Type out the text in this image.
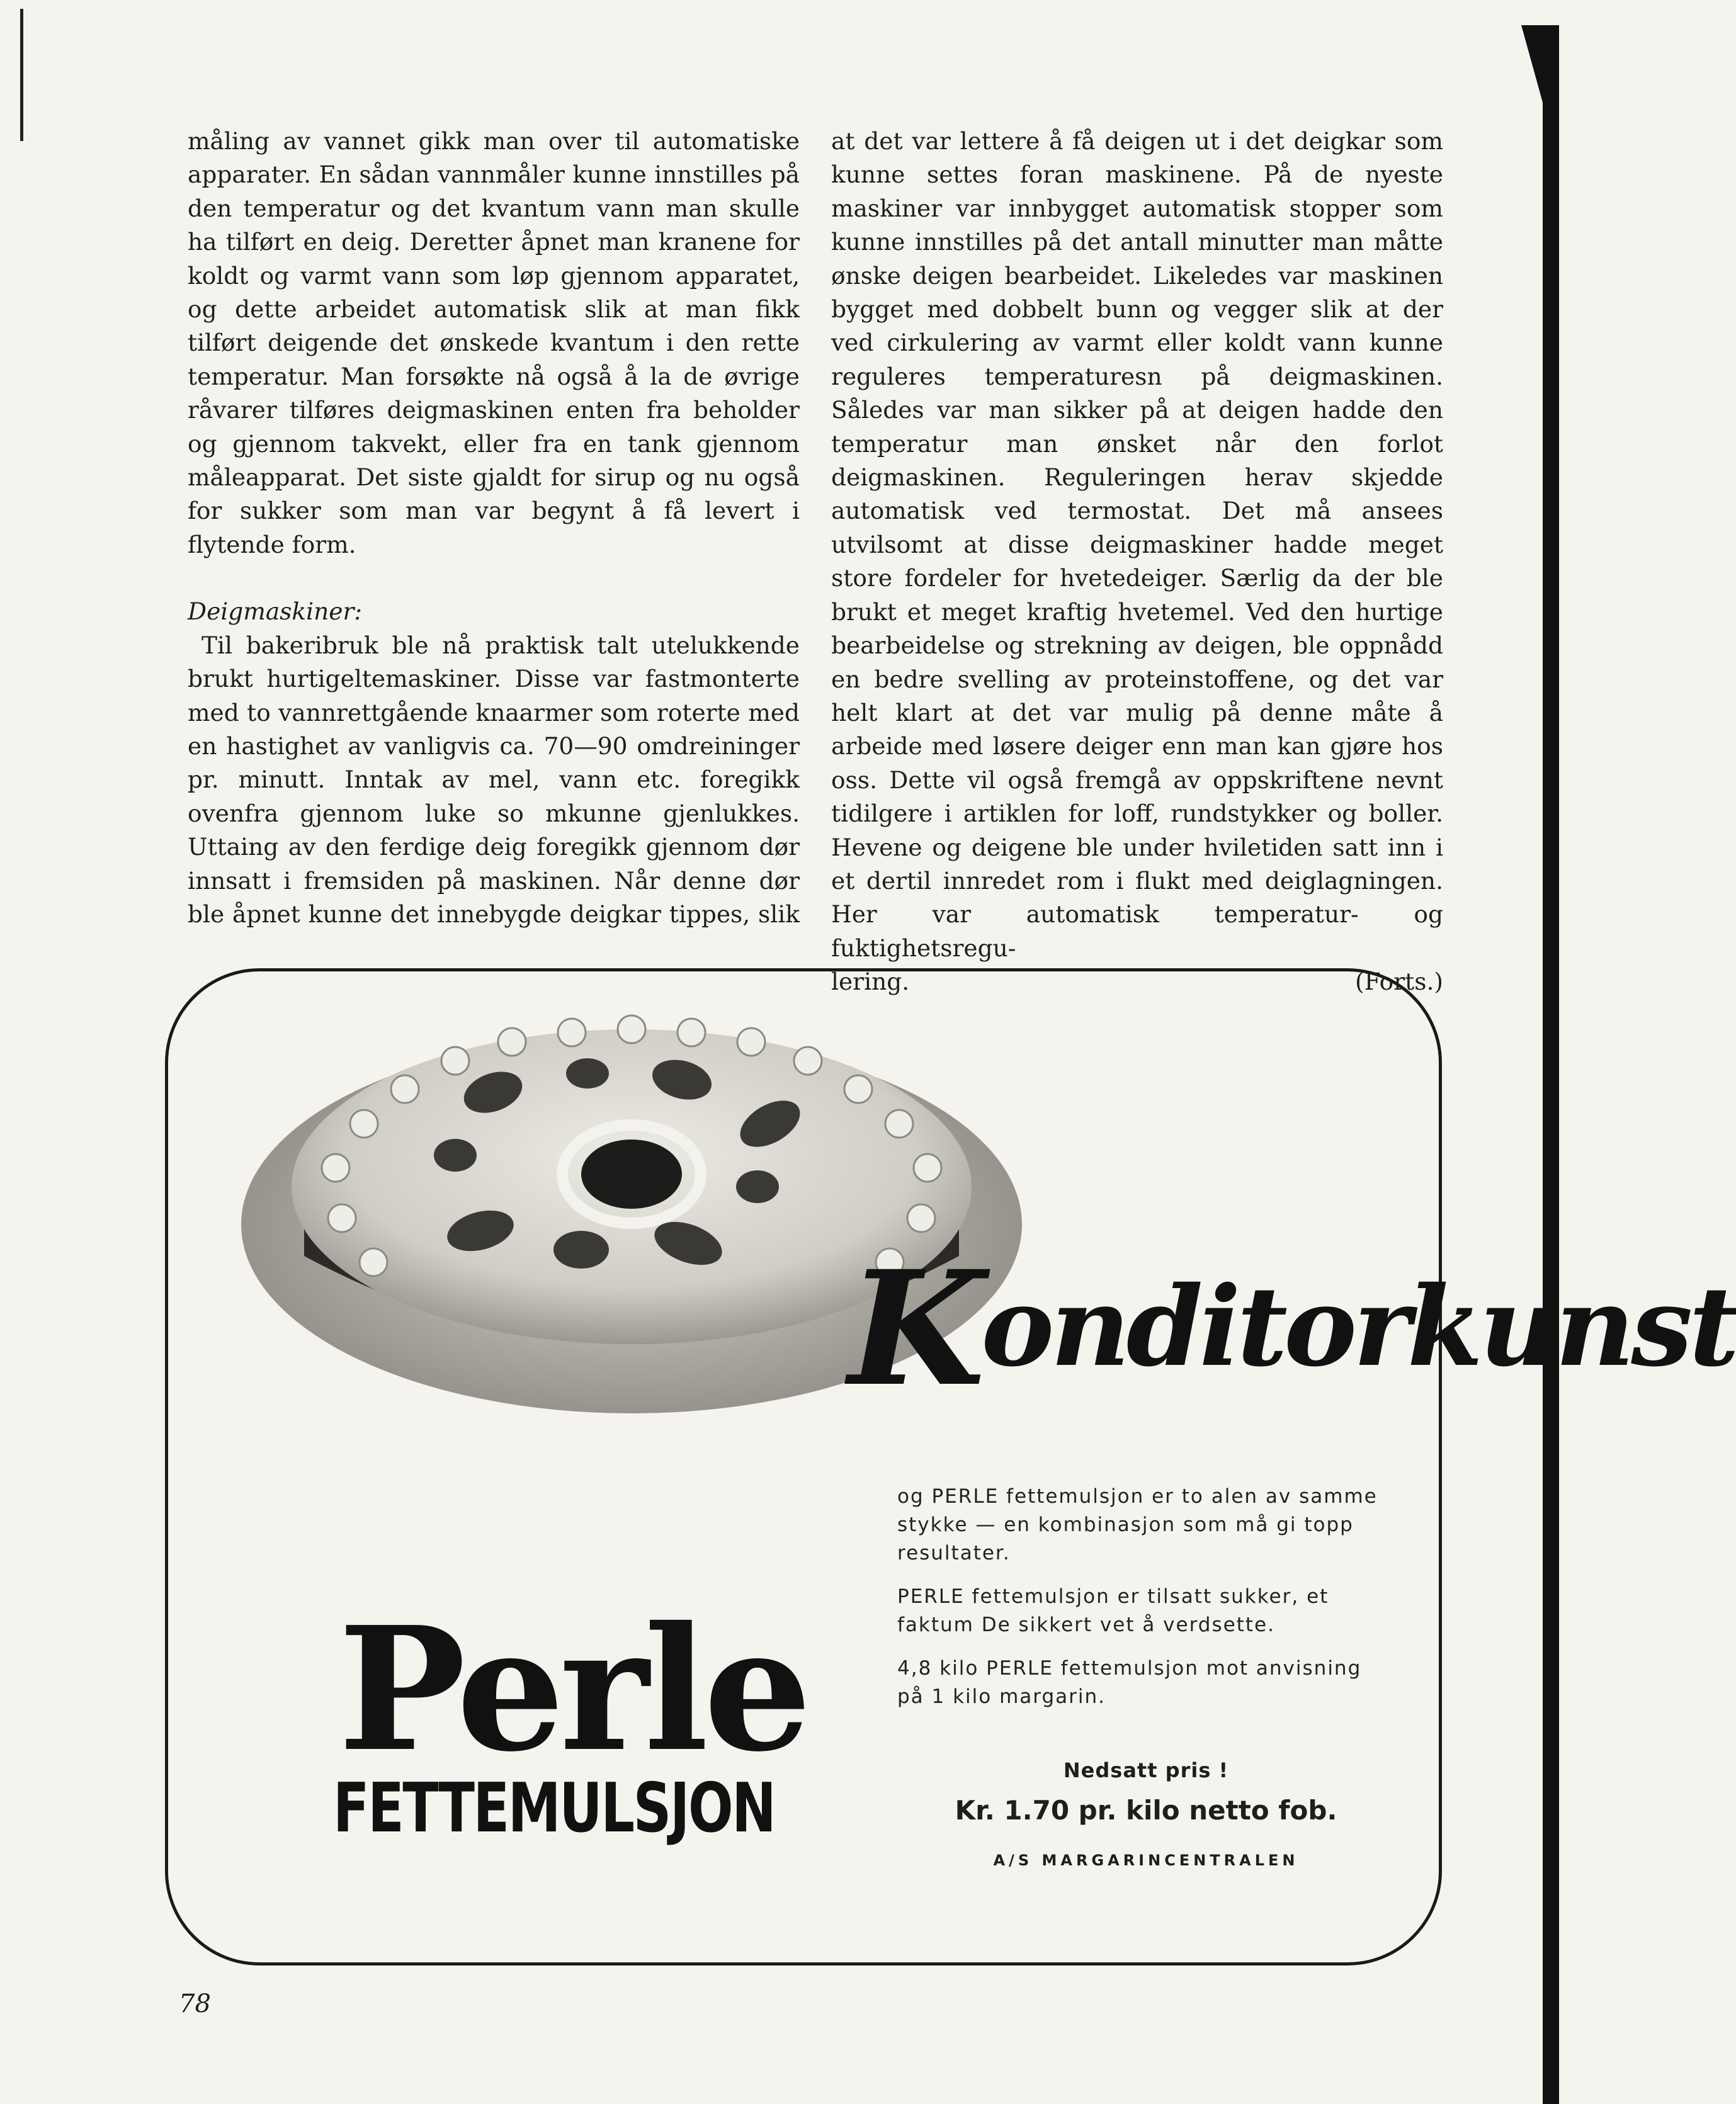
måling av vannet gikk man over til automatiske apparater. En sådan vannmåler kunne innstilles på den temperatur og det kvantum vann man skulle ha tilført en deig. Deretter åpnet man kranene for koldt og varmt vann som løp gjennom apparatet, og dette arbeidet automatisk slik at man fikk tilført deigende det ønskede kvantum i den rette temperatur. Man forsøkte nå også å la de øvrige råvarer tilføres deigmaskinen enten fra beholder og gjennom takvekt, eller fra en tank gjennom måleapparat. Det siste gjaldt for sirup og nu også for sukker som man var begynt å få levert i flytende form.

Deigmaskiner:

Til bakeribruk ble nå praktisk talt utelukkende brukt hurtigeltemaskiner. Disse var fastmonterte med to vannrettgående knaarmer som roterte med en hastighet av vanligvis ca. 70—90 omdreininger pr. minutt. Inntak av mel, vann etc. foregikk ovenfra gjennom luke so mkunne gjenlukkes. Uttaing av den ferdige deig foregikk gjennom dør innsatt i fremsiden på maskinen. Når denne dør ble åpnet kunne det innebygde deigkar tippes, slik

at det var lettere å få deigen ut i det deigkar som kunne settes foran maskinene. På de nyeste maskiner var innbygget automatisk stopper som kunne innstilles på det antall minutter man måtte ønske deigen bearbeidet. Likeledes var maskinen bygget med dobbelt bunn og vegger slik at der ved cirkulering av varmt eller koldt vann kunne reguleres temperaturesn på deigmaskinen. Således var man sikker på at deigen hadde den temperatur man ønsket når den forlot deigmaskinen. Reguleringen herav skjedde automatisk ved termostat. Det må ansees utvilsomt at disse deigmaskiner hadde meget store fordeler for hvetedeiger. Særlig da der ble brukt et meget kraftig hvetemel. Ved den hurtige bearbeidelse og strekning av deigen, ble oppnådd en bedre svelling av proteinstoffene, og det var helt klart at det var mulig på denne måte å arbeide med løsere deiger enn man kan gjøre hos oss. Dette vil også fremgå av oppskriftene nevnt tidilgere i artiklen for loff, rundstykker og boller. Hevene og deigene ble under hviletiden satt inn i et dertil innredet rom i flukt med deiglagningen. Her var automatisk temperatur- og fuktighetsregu-

lering.	(Forts.)
Konditorkunst
Perle
FETTEMULSJON

og PERLE fettemulsjon er to alen av samme stykke — en kombinasjon som må gi topp resultater.

PERLE fettemulsjon er tilsatt sukker, et faktum De sikkert vet å verdsette.

4,8 kilo PERLE fettemulsjon mot anvisning på 1 kilo margarin.

Nedsatt pris !
Kr. 1.70 pr. kilo netto fob.
A/S MARGARINCENTRALEN
78
